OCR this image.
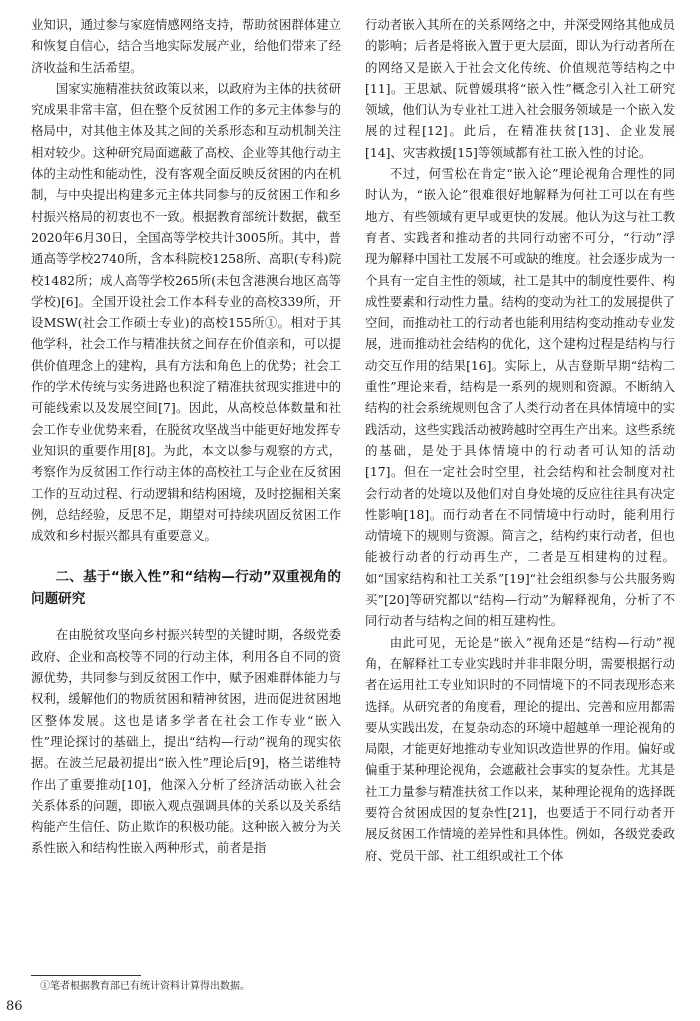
业知识，通过参与家庭情感网络支持，帮助贫困群体建立和恢复自信心，结合当地实际发展产业，给他们带来了经济收益和生活希望。

国家实施精准扶贫政策以来，以政府为主体的扶贫研究成果非常丰富，但在整个反贫困工作的多元主体参与的格局中，对其他主体及其之间的关系形态和互动机制关注相对较少。这种研究局面遮蔽了高校、企业等其他行动主体的主动性和能动性，没有客观全面反映反贫困的内在机制，与中央提出构建多元主体共同参与的反贫困工作和乡村振兴格局的初衷也不一致。根据教育部统计数据，截至2020年6月30日，全国高等学校共计3005所。其中，普通高等学校2740所，含本科院校1258所、高职(专科)院校1482所；成人高等学校265所(未包含港澳台地区高等学校)[6]。全国开设社会工作本科专业的高校339所，开设MSW(社会工作硕士专业)的高校155所①。相对于其他学科，社会工作与精准扶贫之间存在价值亲和，可以提供价值理念上的建构，具有方法和角色上的优势；社会工作的学术传统与实务进路也积淀了精准扶贫现实推进中的可能线索以及发展空间[7]。因此，从高校总体数量和社会工作专业优势来看，在脱贫攻坚战当中能更好地发挥专业知识的重要作用[8]。为此，本文以参与观察的方式，考察作为反贫困工作行动主体的高校社工与企业在反贫困工作的互动过程、行动逻辑和结构困境，及时挖掘相关案例，总结经验，反思不足，期望对可持续巩固反贫困工作成效和乡村振兴都具有重要意义。

二、基于“嵌入性”和“结构—行动”双重视角的问题研究

在由脱贫攻坚向乡村振兴转型的关键时期，各级党委政府、企业和高校等不同的行动主体，利用各自不同的资源优势，共同参与到反贫困工作中，赋予困难群体能力与权利，缓解他们的物质贫困和精神贫困，进而促进贫困地区整体发展。这也是诸多学者在社会工作专业“嵌入性”理论探讨的基础上，提出“结构—行动”视角的现实依据。在波兰尼最初提出“嵌入性”理论后[9]，格兰诺维特作出了重要推动[10]，他深入分析了经济活动嵌入社会关系体系的问题，即嵌入观点强调具体的关系以及关系结构能产生信任、防止欺诈的积极功能。这种嵌入被分为关系性嵌入和结构性嵌入两种形式，前者是指

行动者嵌入其所在的关系网络之中，并深受网络其他成员的影响；后者是将嵌入置于更大层面，即认为行动者所在的网络又是嵌入于社会文化传统、价值规范等结构之中[11]。王思斌、阮曾媛琪将“嵌入性”概念引入社工研究领域，他们认为专业社工进入社会服务领域是一个嵌入发展的过程[12]。此后，在精准扶贫[13]、企业发展[14]、灾害救援[15]等领域都有社工嵌入性的讨论。

不过，何雪松在肯定“嵌入论”理论视角合理性的同时认为，“嵌入论”很难很好地解释为何社工可以在有些地方、有些领域有更早或更快的发展。他认为这与社工教育者、实践者和推动者的共同行动密不可分，“行动”浮现为解释中国社工发展不可或缺的维度。社会逐步成为一个具有一定自主性的领域，社工是其中的制度性要件、构成性要素和行动性力量。结构的变动为社工的发展提供了空间，而推动社工的行动者也能利用结构变动推动专业发展，进而推动社会结构的优化，这个建构过程是结构与行动交互作用的结果[16]。实际上，从吉登斯早期“结构二重性”理论来看，结构是一系列的规则和资源。不断纳入结构的社会系统规则包含了人类行动者在具体情境中的实践活动，这些实践活动被跨越时空再生产出来。这些系统的基础，是处于具体情境中的行动者可认知的活动[17]。但在一定社会时空里，社会结构和社会制度对社会行动者的处境以及他们对自身处境的反应往往具有决定性影响[18]。而行动者在不同情境中行动时，能利用行动情境下的规则与资源。简言之，结构约束行动者，但也能被行动者的行动再生产，二者是互相建构的过程。如“国家结构和社工关系”[19]“社会组织参与公共服务购买”[20]等研究都以“结构—行动”为解释视角，分析了不同行动者与结构之间的相互建构性。

由此可见，无论是“嵌入”视角还是“结构—行动”视角，在解释社工专业实践时并非非限分明，需要根据行动者在运用社工专业知识时的不同情境下的不同表现形态来选择。从研究者的角度看，理论的提出、完善和应用都需要从实践出发，在复杂动态的环境中超越单一理论视角的局限，才能更好地推动专业知识改造世界的作用。偏好或偏重于某种理论视角，会遮蔽社会事实的复杂性。尤其是社工力量参与精准扶贫工作以来，某种理论视角的选择既要符合贫困成因的复杂性[21]，也要适于不同行动者开展反贫困工作情境的差异性和具体性。例如，各级党委政府、党员干部、社工组织或社工个体

①笔者根据教育部已有统计资料计算得出数据。
86
